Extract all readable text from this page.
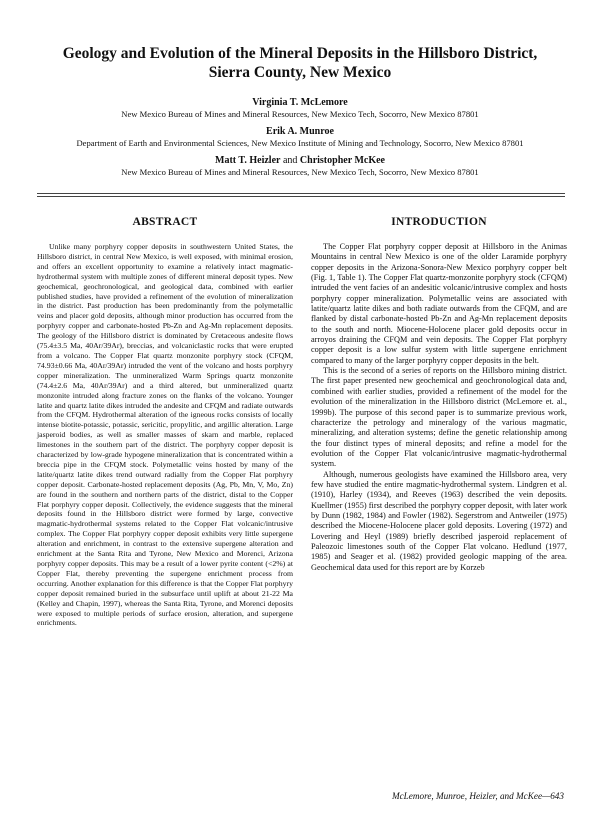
Geology and Evolution of the Mineral Deposits in the Hillsboro District,
Sierra County, New Mexico
Virginia T. McLemore
New Mexico Bureau of Mines and Mineral Resources, New Mexico Tech, Socorro, New Mexico 87801
Erik A. Munroe
Department of Earth and Environmental Sciences, New Mexico Institute of Mining and Technology, Socorro, New Mexico 87801
Matt T. Heizler and Christopher McKee
New Mexico Bureau of Mines and Mineral Resources, New Mexico Tech, Socorro, New Mexico 87801
ABSTRACT	INTRODUCTION

Unlike many porphyry copper deposits in southwestern United States, the Hillsboro district, in central New Mexico, is well exposed, with minimal erosion, and offers an excellent opportunity to examine a relatively intact magmatic-hydrothermal system with multiple zones of different mineral deposit types. New geochemical, geochronological, and geological data, combined with earlier published studies, have provided a refinement of the evolution of mineralization in the district. Past production has been predominantly from the polymetallic veins and placer gold deposits, although minor production has occurred from the porphyry copper and carbonate-hosted Pb-Zn and Ag-Mn replacement deposits. The geology of the Hillsboro district is dominated by Cretaceous andesite flows (75.4±3.5 Ma, 40Ar/39Ar), breccias, and volcaniclastic rocks that were erupted from a volcano. The Copper Flat quartz monzonite porphyry stock (CFQM, 74.93±0.66 Ma, 40Ar/39Ar) intruded the vent of the volcano and hosts porphyry copper mineralization. The unmineralized Warm Springs quartz monzonite (74.4±2.6 Ma, 40Ar/39Ar) and a third altered, but unmineralized quartz monzonite intruded along fracture zones on the flanks of the volcano. Younger latite and quartz latite dikes intruded the andesite and CFQM and radiate outwards from the CFQM. Hydrothermal alteration of the igneous rocks consists of locally intense biotite-potassic, potassic, sericitic, propylitic, and argillic alteration. Large jasperoid bodies, as well as smaller masses of skarn and marble, replaced limestones in the southern part of the district. The porphyry copper deposit is characterized by low-grade hypogene mineralization that is concentrated within a breccia pipe in the CFQM stock. Polymetallic veins hosted by many of the latite/quartz latite dikes trend outward radially from the Copper Flat porphyry copper deposit. Carbonate-hosted replacement deposits (Ag, Pb, Mn, V, Mo, Zn) are found in the southern and northern parts of the district, distal to the Copper Flat porphyry copper deposit. Collectively, the evidence suggests that the mineral deposits found in the Hillsboro district were formed by large, convective magmatic-hydrothermal systems related to the Copper Flat volcanic/intrusive complex. The Copper Flat porphyry copper deposit exhibits very little supergene alteration and enrichment, in contrast to the extensive supergene alteration and enrichment at the Santa Rita and Tyrone, New Mexico and Morenci, Arizona porphyry copper deposits. This may be a result of a lower pyrite content (<2%) at Copper Flat, thereby preventing the supergene enrichment process from occurring. Another explanation for this difference is that the Copper Flat porphyry copper deposit remained buried in the subsurface until uplift at about 21-22 Ma (Kelley and Chapin, 1997), whereas the Santa Rita, Tyrone, and Morenci deposits were exposed to multiple periods of surface erosion, alteration, and supergene enrichments.

The Copper Flat porphyry copper deposit at Hillsboro in the Animas Mountains in central New Mexico is one of the older Laramide porphyry copper deposits in the Arizona-Sonora-New Mexico porphyry copper belt (Fig. 1, Table 1). The Copper Flat quartz-monzonite porphyry stock (CFQM) intruded the vent facies of an andesitic volcanic/intrusive complex and hosts porphyry copper mineralization. Polymetallic veins are associated with latite/quartz latite dikes and both radiate outwards from the CFQM, and are flanked by distal carbonate-hosted Pb-Zn and Ag-Mn replacement deposits to the south and north. Miocene-Holocene placer gold deposits occur in arroyos draining the CFQM and vein deposits. The Copper Flat porphyry copper deposit is a low sulfur system with little supergene enrichment compared to many of the larger porphyry copper deposits in the belt.

This is the second of a series of reports on the Hillsboro mining district. The first paper presented new geochemical and geochronological data and, combined with earlier studies, provided a refinement of the model for the evolution of the mineralization in the Hillsboro district (McLemore et. al., 1999b). The purpose of this second paper is to summarize previous work, characterize the petrology and mineralogy of the various magmatic, mineralizing, and alteration systems; define the genetic relationship among the four distinct types of mineral deposits; and refine a model for the evolution of the Copper Flat volcanic/intrusive magmatic-hydrothermal system.

Although, numerous geologists have examined the Hillsboro area, very few have studied the entire magmatic-hydrothermal system. Lindgren et al. (1910), Harley (1934), and Reeves (1963) described the vein deposits. Kuellmer (1955) first described the porphyry copper deposit, with later work by Dunn (1982, 1984) and Fowler (1982). Segerstrom and Antweiler (1975) described the Miocene-Holocene placer gold deposits. Lovering (1972) and Lovering and Heyl (1989) briefly described jasperoid replacement of Paleozoic limestones south of the Copper Flat volcano. Hedlund (1977, 1985) and Seager et al. (1982) provided geologic mapping of the area. Geochemical data used for this report are by Korzeb

McLemore, Munroe, Heizler, and McKee—643
